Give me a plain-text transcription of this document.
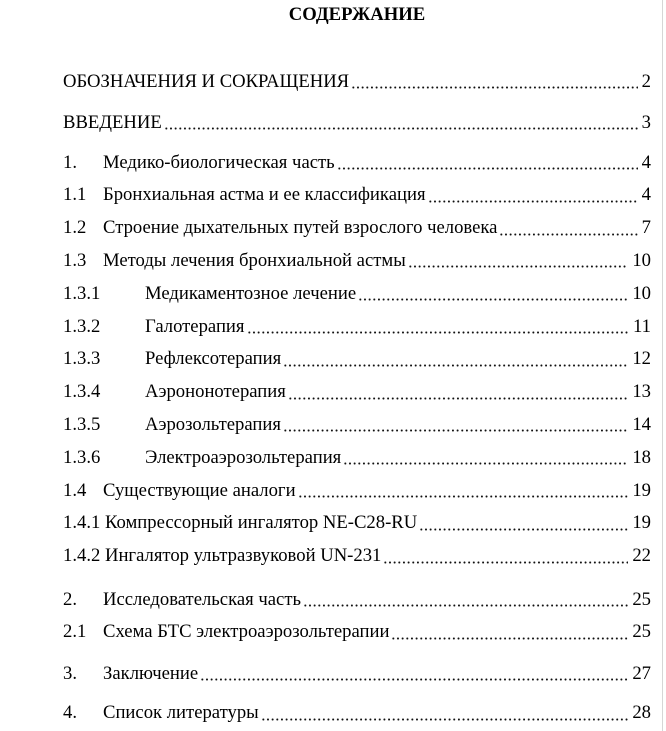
СОДЕРЖАНИЕ
ОБОЗНАЧЕНИЯ И СОКРАЩЕНИЯ	2
ВВЕДЕНИЕ	3
1.	Медико-биологическая часть	4
1.1 Бронхиальная астма и ее классификация	4
1.2 Строение дыхательных путей взрослого человека	7
1.3 Методы лечения бронхиальной астмы	10
1.3.1	Медикаментозное лечение	10
1.3.2	Галотерапия	11
1.3.3	Рефлексотерапия	12
1.3.4	Аэрононотерапия	13
1.3.5	Аэрозольтерапия	14
1.3.6	Электроаэрозольтерапия	18
1.4 Существующие аналоги	19
1.4.1 Компрессорный ингалятор NE-C28-RU	19
1.4.2 Ингалятор ультразвуковой UN-231	22
2.	Исследовательская часть	25
2.1 Схема БТС электроаэрозольтерапии	25
3.	Заключение	27
4.	Список литературы	28
